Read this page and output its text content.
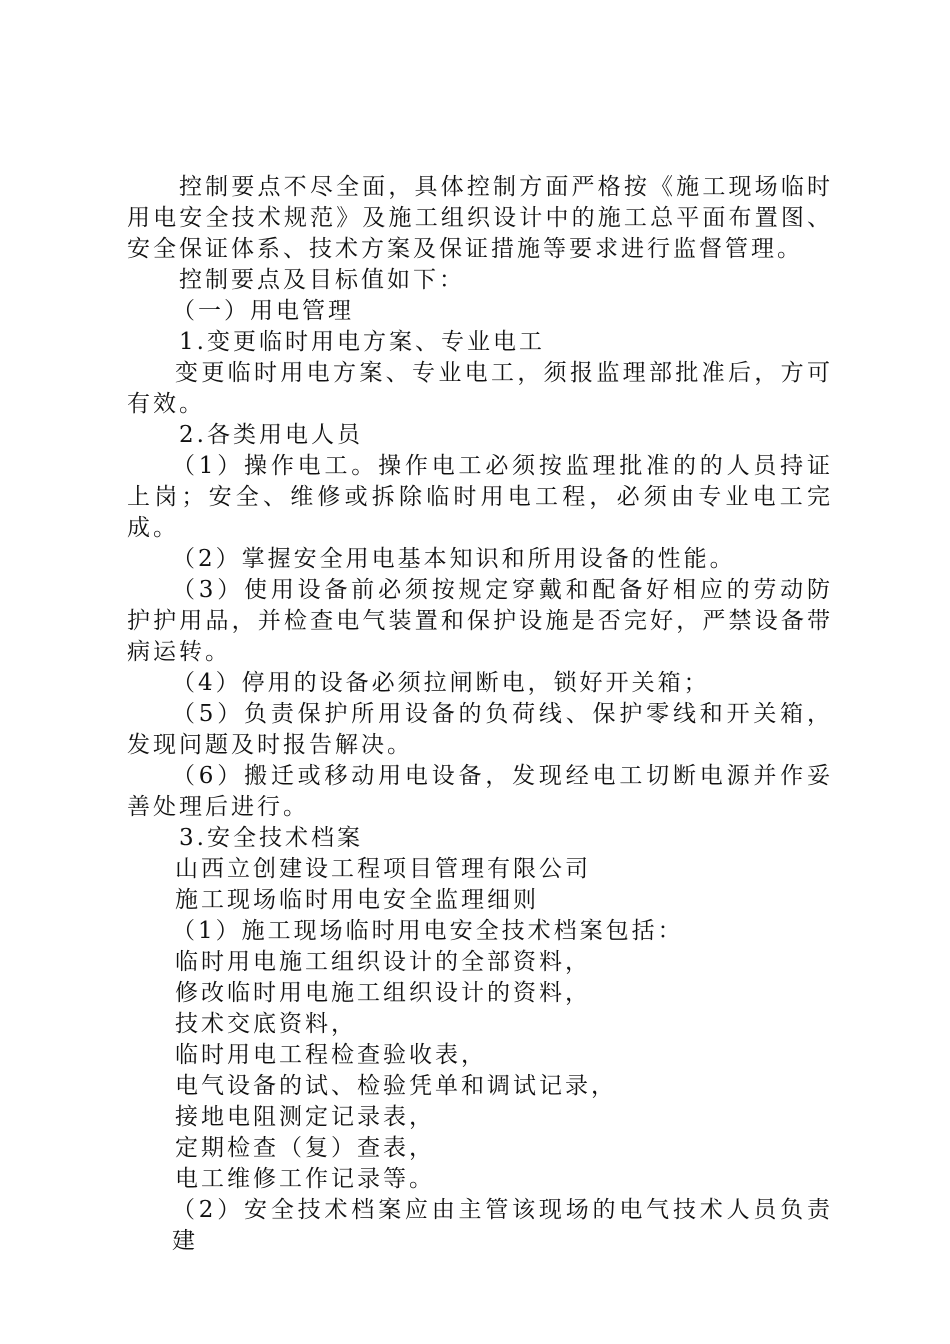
控制要点不尽全面，具体控制方面严格按《施工现场临时用电安全技术规范》及施工组织设计中的施工总平面布置图、安全保证体系、技术方案及保证措施等要求进行监督管理。

控制要点及目标值如下：

（一）用电管理

1.变更临时用电方案、专业电工

变更临时用电方案、专业电工，须报监理部批准后，方可有效。

2.各类用电人员

（1）操作电工。操作电工必须按监理批准的的人员持证上岗；安全、维修或拆除临时用电工程，必须由专业电工完成。

（2）掌握安全用电基本知识和所用设备的性能。

（3）使用设备前必须按规定穿戴和配备好相应的劳动防护护用品，并检查电气装置和保护设施是否完好，严禁设备带病运转。

（4）停用的设备必须拉闸断电，锁好开关箱；

（5）负责保护所用设备的负荷线、保护零线和开关箱，发现问题及时报告解决。

（6）搬迁或移动用电设备，发现经电工切断电源并作妥善处理后进行。

3.安全技术档案

山西立创建设工程项目管理有限公司

施工现场临时用电安全监理细则

（1）施工现场临时用电安全技术档案包括：

临时用电施工组织设计的全部资料，

修改临时用电施工组织设计的资料，

技术交底资料，

临时用电工程检查验收表，

电气设备的试、检验凭单和调试记录，

接地电阻测定记录表，

定期检查（复）查表，

电工维修工作记录等。

（2）安全技术档案应由主管该现场的电气技术人员负责建
